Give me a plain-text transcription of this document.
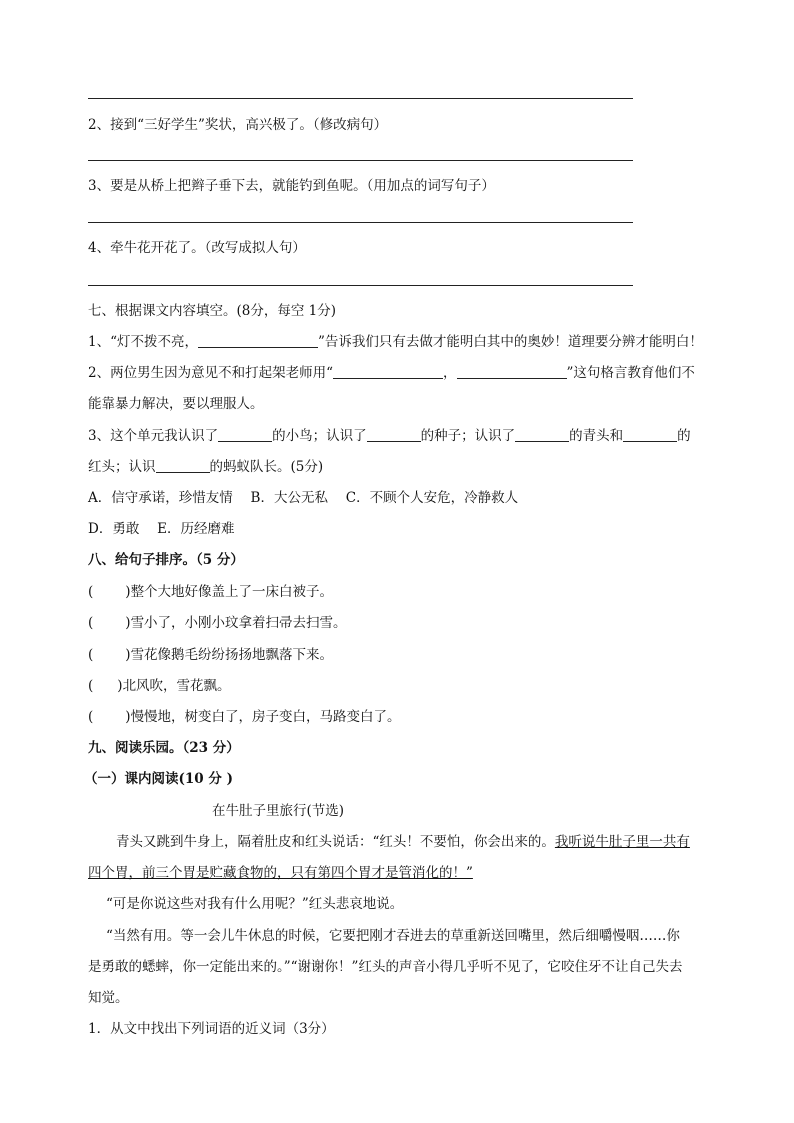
2、接到“三好学生”奖状，高兴极了。（修改病句）
3、要是从桥上把辫子垂下去，就能钓到鱼呢。（用加点的词写句子）
4、牵牛花开花了。（改写成拟人句）
七、根据课文内容填空。(8分，每空 1分)
1、“灯不拨不亮，	”告诉我们只有去做才能明白其中的奥妙！道理要分辨才能明白！
2、两位男生因为意见不和打起架老师用“	，	”这句格言教育他们不
能靠暴力解决，要以理服人。
3、这个单元我认识了	的小鸟；认识了	的种子；认识了	的青头和	的
红头；认识	的蚂蚁队长。(5分)
A．信守承诺，珍惜友情　 B．大公无私　 C．不顾个人安危，冷静救人
D．勇敢　 E．历经磨难
八、给句子排序。（5 分）
( )整个大地好像盖上了一床白被子。
( )雪小了，小刚小玟拿着扫帚去扫雪。
( )雪花像鹅毛纷纷扬扬地飘落下来。
( )北风吹，雪花飘。
( )慢慢地，树变白了，房子变白，马路变白了。
九、阅读乐园。（23 分）
（一）课内阅读(10 分 )
在牛肚子里旅行(节选)
青头又跳到牛身上，隔着肚皮和红头说话：“红头！不要怕，你会出来的。我听说牛肚子里一共有
四个胃，前三个胃是贮藏食物的，只有第四个胃才是管消化的！”
“可是你说这些对我有什么用呢？”红头悲哀地说。
“当然有用。等一会儿牛休息的时候，它要把刚才吞进去的草重新送回嘴里，然后细嚼慢咽……你
是勇敢的蟋蟀，你一定能出来的。”“谢谢你！”红头的声音小得几乎听不见了，它咬住牙不让自己失去
知觉。
1．从文中找出下列词语的近义词（3分）
